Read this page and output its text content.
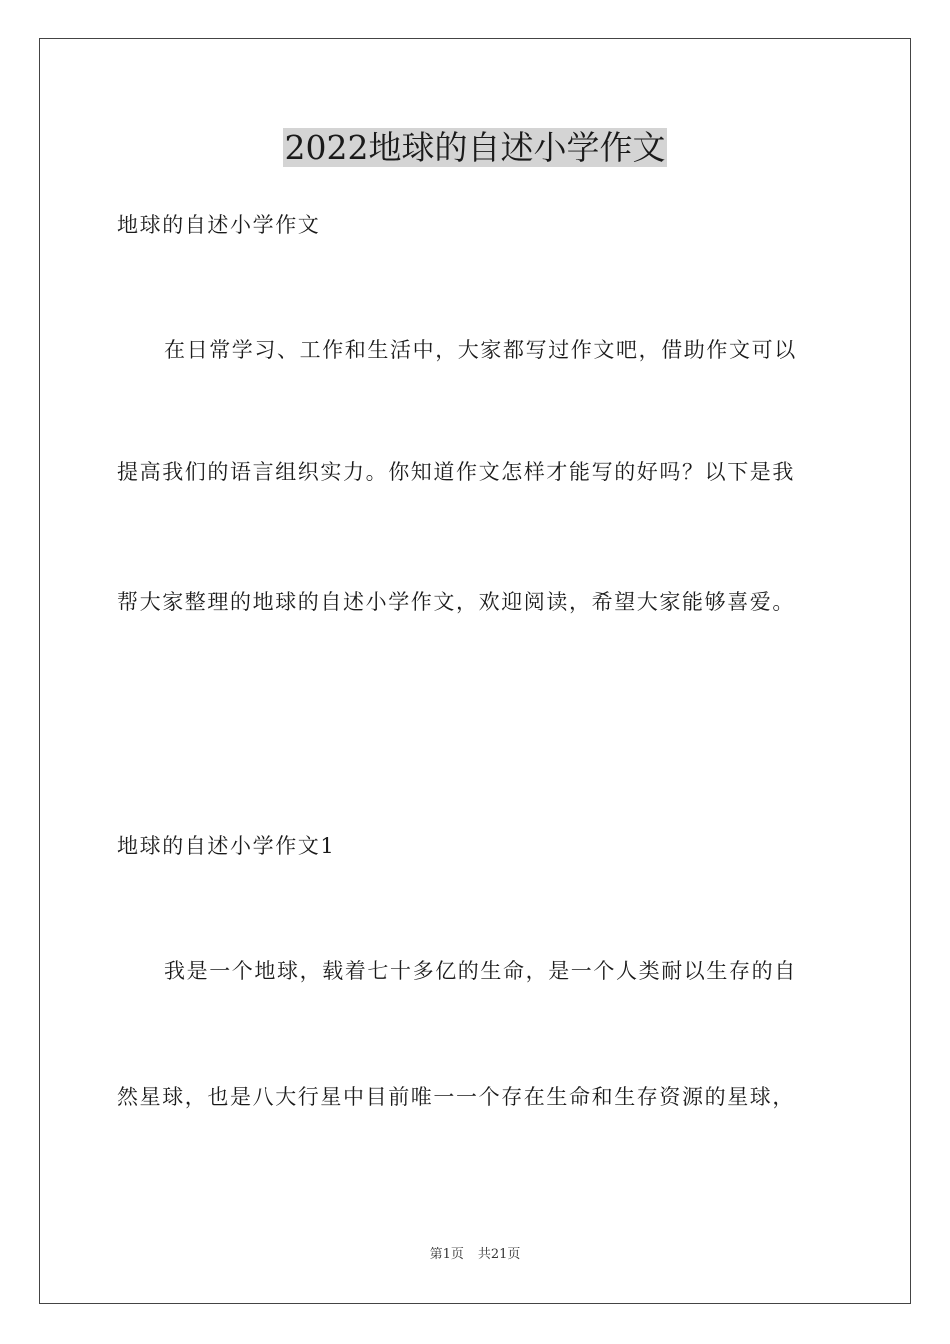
2022地球的自述小学作文
地球的自述小学作文
在日常学习、工作和生活中，大家都写过作文吧，借助作文可以
提高我们的语言组织实力。你知道作文怎样才能写的好吗？以下是我
帮大家整理的地球的自述小学作文，欢迎阅读，希望大家能够喜爱。
地球的自述小学作文1
我是一个地球，载着七十多亿的生命，是一个人类耐以生存的自
然星球，也是八大行星中目前唯一一个存在生命和生存资源的星球，
第1页 共21页
